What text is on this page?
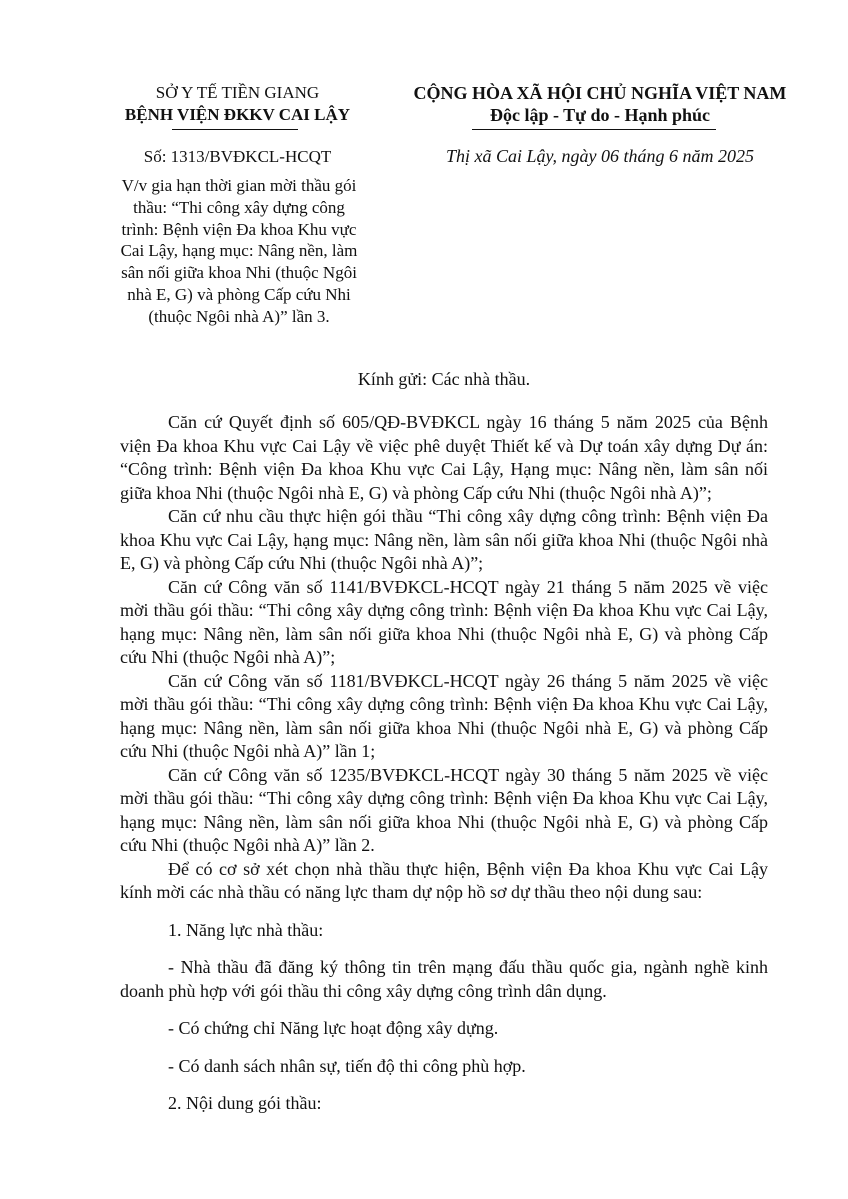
SỞ Y TẾ TIỀN GIANG
BỆNH VIỆN ĐKKV CAI LẬY
Số: 1313/BVĐKCL-HCQT
V/v gia hạn thời gian mời thầu gói thầu: “Thi công xây dựng công trình: Bệnh viện Đa khoa Khu vực Cai Lậy, hạng mục: Nâng nền, làm sân nối giữa khoa Nhi (thuộc Ngôi nhà E, G) và phòng Cấp cứu Nhi (thuộc Ngôi nhà A)” lần 3.
CỘNG HÒA XÃ HỘI CHỦ NGHĨA VIỆT NAM
Độc lập - Tự do - Hạnh phúc
Thị xã Cai Lậy, ngày 06 tháng 6 năm 2025
Kính gửi: Các nhà thầu.

Căn cứ Quyết định số 605/QĐ-BVĐKCL ngày 16 tháng 5 năm 2025 của Bệnh viện Đa khoa Khu vực Cai Lậy về việc phê duyệt Thiết kế và Dự toán xây dựng Dự án: “Công trình: Bệnh viện Đa khoa Khu vực Cai Lậy, Hạng mục: Nâng nền, làm sân nối giữa khoa Nhi (thuộc Ngôi nhà E, G) và phòng Cấp cứu Nhi (thuộc Ngôi nhà A)”;

Căn cứ nhu cầu thực hiện gói thầu “Thi công xây dựng công trình: Bệnh viện Đa khoa Khu vực Cai Lậy, hạng mục: Nâng nền, làm sân nối giữa khoa Nhi (thuộc Ngôi nhà E, G) và phòng Cấp cứu Nhi (thuộc Ngôi nhà A)”;

Căn cứ Công văn số 1141/BVĐKCL-HCQT ngày 21 tháng 5 năm 2025 về việc mời thầu gói thầu: “Thi công xây dựng công trình: Bệnh viện Đa khoa Khu vực Cai Lậy, hạng mục: Nâng nền, làm sân nối giữa khoa Nhi (thuộc Ngôi nhà E, G) và phòng Cấp cứu Nhi (thuộc Ngôi nhà A)”;

Căn cứ Công văn số 1181/BVĐKCL-HCQT ngày 26 tháng 5 năm 2025 về việc mời thầu gói thầu: “Thi công xây dựng công trình: Bệnh viện Đa khoa Khu vực Cai Lậy, hạng mục: Nâng nền, làm sân nối giữa khoa Nhi (thuộc Ngôi nhà E, G) và phòng Cấp cứu Nhi (thuộc Ngôi nhà A)” lần 1;

Căn cứ Công văn số 1235/BVĐKCL-HCQT ngày 30 tháng 5 năm 2025 về việc mời thầu gói thầu: “Thi công xây dựng công trình: Bệnh viện Đa khoa Khu vực Cai Lậy, hạng mục: Nâng nền, làm sân nối giữa khoa Nhi (thuộc Ngôi nhà E, G) và phòng Cấp cứu Nhi (thuộc Ngôi nhà A)” lần 2.

Để có cơ sở xét chọn nhà thầu thực hiện, Bệnh viện Đa khoa Khu vực Cai Lậy kính mời các nhà thầu có năng lực tham dự nộp hồ sơ dự thầu theo nội dung sau:

1. Năng lực nhà thầu:

- Nhà thầu đã đăng ký thông tin trên mạng đấu thầu quốc gia, ngành nghề kinh doanh phù hợp với gói thầu thi công xây dựng công trình dân dụng.

- Có chứng chỉ Năng lực hoạt động xây dựng.

- Có danh sách nhân sự, tiến độ thi công phù hợp.

2. Nội dung gói thầu:
